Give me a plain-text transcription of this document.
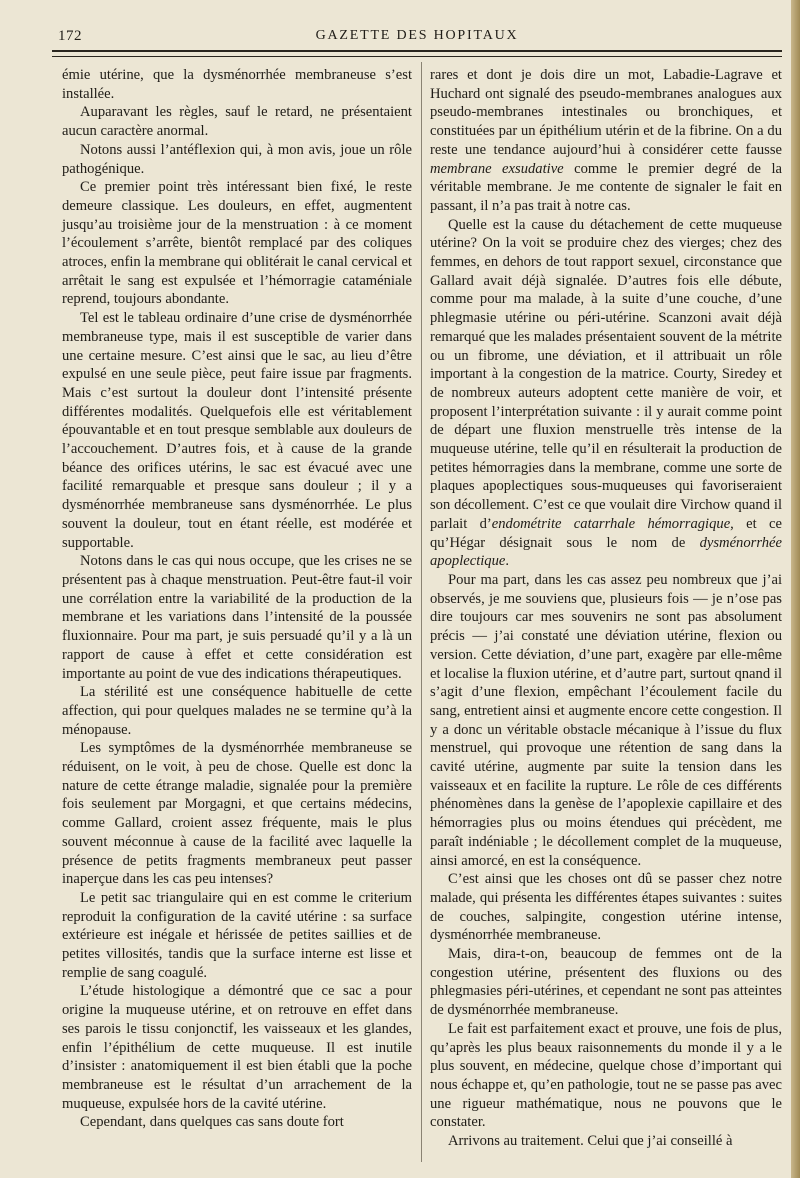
172	GAZETTE DES HOPITAUX

émie utérine, que la dysménorrhée membraneuse s’est installée.

Auparavant les règles, sauf le retard, ne présentaient aucun caractère anormal.

Notons aussi l’antéflexion qui, à mon avis, joue un rôle pathogénique.

Ce premier point très intéressant bien fixé, le reste demeure classique. Les douleurs, en effet, augmentent jusqu’au troisième jour de la menstruation : à ce moment l’écoulement s’arrête, bientôt remplacé par des coliques atroces, enfin la membrane qui oblitérait le canal cervical et arrêtait le sang est expulsée et l’hémorragie cataméniale reprend, toujours abondante.

Tel est le tableau ordinaire d’une crise de dysménorrhée membraneuse type, mais il est susceptible de varier dans une certaine mesure. C’est ainsi que le sac, au lieu d’être expulsé en une seule pièce, peut faire issue par fragments. Mais c’est surtout la douleur dont l’intensité présente différentes modalités. Quelquefois elle est véritablement épouvantable et en tout presque semblable aux douleurs de l’accouchement. D’autres fois, et à cause de la grande béance des orifices utérins, le sac est évacué avec une facilité remarquable et presque sans douleur ; il y a dysménorrhée membraneuse sans dysménorrhée. Le plus souvent la douleur, tout en étant réelle, est modérée et supportable.

Notons dans le cas qui nous occupe, que les crises ne se présentent pas à chaque menstruation. Peut-être faut-il voir une corrélation entre la variabilité de la production de la membrane et les variations dans l’intensité de la poussée fluxionnaire. Pour ma part, je suis persuadé qu’il y a là un rapport de cause à effet et cette considération est importante au point de vue des indications thérapeutiques.

La stérilité est une conséquence habituelle de cette affection, qui pour quelques malades ne se termine qu’à la ménopause.

Les symptômes de la dysménorrhée membraneuse se réduisent, on le voit, à peu de chose. Quelle est donc la nature de cette étrange maladie, signalée pour la première fois seulement par Morgagni, et que certains médecins, comme Gallard, croient assez fréquente, mais le plus souvent méconnue à cause de la facilité avec laquelle la présence de petits fragments membraneux peut passer inaperçue dans les cas peu intenses?

Le petit sac triangulaire qui en est comme le criterium reproduit la configuration de la cavité utérine : sa surface extérieure est inégale et hérissée de petites saillies et de petites villosités, tandis que la surface interne est lisse et remplie de sang coagulé.

L’étude histologique a démontré que ce sac a pour origine la muqueuse utérine, et on retrouve en effet dans ses parois le tissu conjonctif, les vaisseaux et les glandes, enfin l’épithélium de cette muqueuse. Il est inutile d’insister : anatomiquement il est bien établi que la poche membraneuse est le résultat d’un arrachement de la muqueuse, expulsée hors de la cavité utérine.

Cependant, dans quelques cas sans doute fort

rares et dont je dois dire un mot, Labadie-Lagrave et Huchard ont signalé des pseudo-membranes analogues aux pseudo-membranes intestinales ou bronchiques, et constituées par un épithélium utérin et de la fibrine. On a du reste une tendance aujourd’hui à considérer cette fausse membrane exsudative comme le premier degré de la véritable membrane. Je me contente de signaler le fait en passant, il n’a pas trait à notre cas.

Quelle est la cause du détachement de cette muqueuse utérine? On la voit se produire chez des vierges; chez des femmes, en dehors de tout rapport sexuel, circonstance que Gallard avait déjà signalée. D’autres fois elle débute, comme pour ma malade, à la suite d’une couche, d’une phlegmasie utérine ou péri-utérine. Scanzoni avait déjà remarqué que les malades présentaient souvent de la métrite ou un fibrome, une déviation, et il attribuait un rôle important à la congestion de la matrice. Courty, Siredey et de nombreux auteurs adoptent cette manière de voir, et proposent l’interprétation suivante : il y aurait comme point de départ une fluxion menstruelle très intense de la muqueuse utérine, telle qu’il en résulterait la production de petites hémorragies dans la membrane, comme une sorte de plaques apoplectiques sous-muqueuses qui favoriseraient son décollement. C’est ce que voulait dire Virchow quand il parlait d’endométrite catarrhale hémorragique, et ce qu’Hégar désignait sous le nom de dysménorrhée apoplectique.

Pour ma part, dans les cas assez peu nombreux que j’ai observés, je me souviens que, plusieurs fois — je n’ose pas dire toujours car mes souvenirs ne sont pas absolument précis — j’ai constaté une déviation utérine, flexion ou version. Cette déviation, d’une part, exagère par elle-même et localise la fluxion utérine, et d’autre part, surtout qnand il s’agit d’une flexion, empêchant l’écoulement facile du sang, entretient ainsi et augmente encore cette congestion. Il y a donc un véritable obstacle mécanique à l’issue du flux menstruel, qui provoque une rétention de sang dans la cavité utérine, augmente par suite la tension dans les vaisseaux et en facilite la rupture. Le rôle de ces différents phénomènes dans la genèse de l’apoplexie capillaire et des hémorragies plus ou moins étendues qui précèdent, me paraît indéniable ; le décollement complet de la muqueuse, ainsi amorcé, en est la conséquence.

C’est ainsi que les choses ont dû se passer chez notre malade, qui présenta les différentes étapes suivantes : suites de couches, salpingite, congestion utérine intense, dysménorrhée membraneuse.

Mais, dira-t-on, beaucoup de femmes ont de la congestion utérine, présentent des fluxions ou des phlegmasies péri-utérines, et cependant ne sont pas atteintes de dysménorrhée membraneuse.

Le fait est parfaitement exact et prouve, une fois de plus, qu’après les plus beaux raisonnements du monde il y a le plus souvent, en médecine, quelque chose d’important qui nous échappe et, qu’en pathologie, tout ne se passe pas avec une rigueur mathématique, nous ne pouvons que le constater.

Arrivons au traitement. Celui que j’ai conseillé à
